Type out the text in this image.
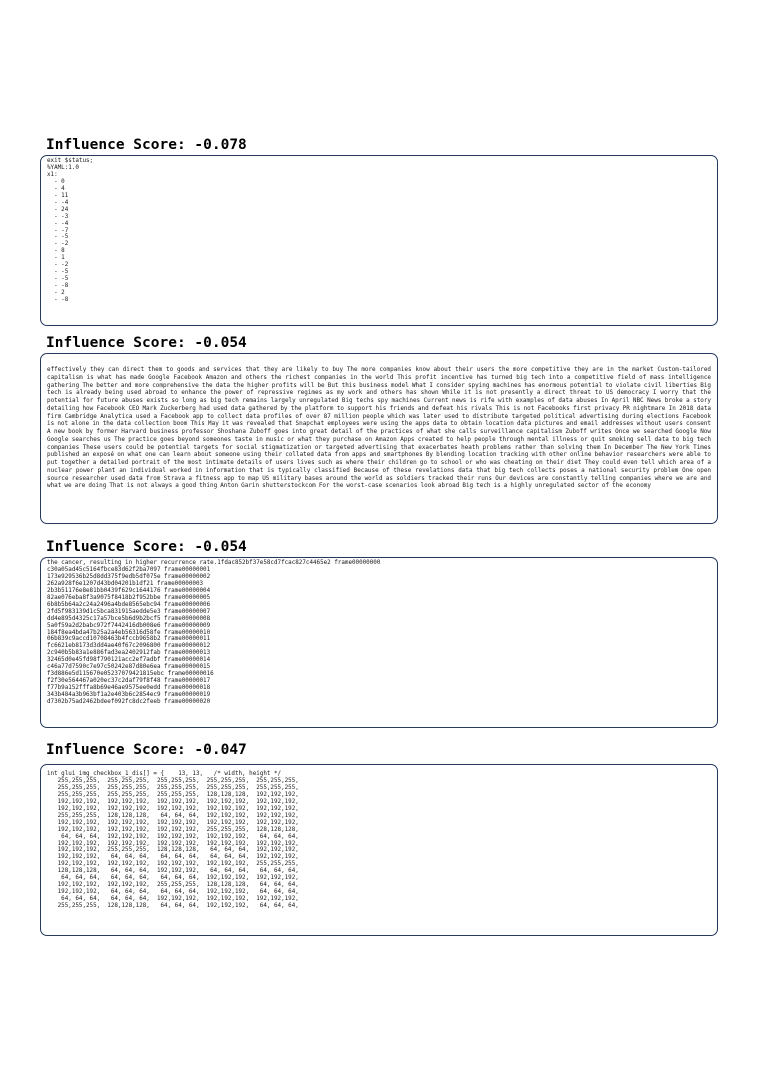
Influence Score: -0.078
exit $status;
%YAML:1.0
x1:
- 0
- 4
- 11
- -4
- 24
- -3
- -4
- -7
- -5
- -2
- 8
- 1
- -2
- -5
- -5
- -8
- 2
- -8
Influence Score: -0.054

effectively they can direct them to goods and services that they are likely to buy The more companies know about their users the more competitive they are in the market Custom-tailored capitalism is what has made Google Facebook Amazon and others the richest companies in the world This profit incentive has turned big tech into a competitive field of mass intelligence gathering The better and more comprehensive the data the higher profits will be But this business model What I consider spying machines has enormous potential to violate civil liberties Big tech is already being used abroad to enhance the power of repressive regimes as my work and others has shown While it is not presently a direct threat to US democracy I worry that the potential for future abuses exists so long as big tech remains largely unregulated Big techs spy machines Current news is rife with examples of data abuses In April NBC News broke a story detailing how Facebook CEO Mark Zuckerberg had used data gathered by the platform to support his friends and defeat his rivals This is not Facebooks first privacy PR nightmare In 2018 data firm Cambridge Analytica used a Facebook app to collect data profiles of over 87 million people which was later used to distribute targeted political advertising during elections Facebook is not alone in the data collection boom This May it was revealed that Snapchat employees were using the apps data to obtain location data pictures and email addresses without users consent A new book by former Harvard business professor Shoshana Zuboff goes into great detail of the practices of what she calls surveillance capitalism Zuboff writes Once we searched Google Now Google searches us The practice goes beyond someones taste in music or what they purchase on Amazon Apps created to help people through mental illness or quit smoking sell data to big tech companies These users could be potential targets for social stigmatization or targeted advertising that exacerbates heath problems rather than solving them In December The New York Times published an exposé on what one can learn about someone using their collated data from apps and smartphones By blending location tracking with other online behavior researchers were able to put together a detailed portrait of the most intimate details of users lives such as where their children go to school or who was cheating on their diet They could even tell which area of a nuclear power plant an individual worked in information that is typically classified Because of these revelations data that big tech collects poses a national security problem One open source researcher used data from Strava a fitness app to map US military bases around the world as soldiers tracked their runs Our devices are constantly telling companies where we are and what we are doing That is not always a good thing Anton Garin shutterstockcom For the worst-case scenarios look abroad Big tech is a highly unregulated sector of the economy

Influence Score: -0.054
the cancer, resulting in higher recurrence rate.1fdac852bf37e58cd7fcac827c4465e2 frame00000000
c30a05ad45c5164fbce83d62f2ba7097 frame00000001
173e929536b25d8dd375f9edb5df075e frame00000002
262a928f6e1207d43bd04201b1df21 frame00000003
2b3b51176e8e81bb0439f629c1644176 frame00000004
82ae076eba8f3a9075f8418b2f952bbe frame00000005
6b8b5b64a2c24a2496a4bde8565ebc94 frame00000006
2fd5f983139d1c5bca831915aedde5e3 frame00000007
dd4e895d4325c17a57bce5b6d9b2bcf5 frame00000008
5a0f59a2d2babc972f7442416db008e6 frame00000009
184f8ea4bda47b25a2a4eb56316d58fe frame00000010
06b839c9accd10708463b4fccb9658b2 frame00000011
fc6621eb8173d3dd4ae40f67c2096800 frame00000012
2c940b5b83a1e886fad3ea2402912fab frame00000013
32465d0e45fd98f790121acc2ef7adbf frame00000014
c46a77d7590c7e97c50242e87d80e6ea frame00000015
f3d886e5d115670e05237079421815ebc frame00000016
f2f30e564467a020ec37c2daf79f8f48 frame00000017
f77b9a152fffa8b69e46ae9575ee0edd frame00000018
343b484a3b963bf1a2e403b6c2854ec9 frame00000019
d7302b75ad2462bdeef092fc8dc2feeb frame00000020
Influence Score: -0.047
int glui_img_checkbox_1_dis[] = {    13, 13,   /* width, height */
255,255,255,  255,255,255,  255,255,255,  255,255,255,  255,255,255,
255,255,255,  255,255,255,  255,255,255,  255,255,255,  255,255,255,
255,255,255,  255,255,255,  255,255,255,  128,128,128,  192,192,192,
192,192,192,  192,192,192,  192,192,192,  192,192,192,  192,192,192,
192,192,192,  192,192,192,  192,192,192,  192,192,192,  192,192,192,
255,255,255,  128,128,128,   64, 64, 64,  192,192,192,  192,192,192,
192,192,192,  192,192,192,  192,192,192,  192,192,192,  192,192,192,
192,192,192,  192,192,192,  192,192,192,  255,255,255,  128,128,128,
64, 64, 64,  192,192,192,  192,192,192,  192,192,192,   64, 64, 64,
192,192,192,  192,192,192,  192,192,192,  192,192,192,  192,192,192,
192,192,192,  255,255,255,  128,128,128,   64, 64, 64,  192,192,192,
192,192,192,   64, 64, 64,   64, 64, 64,   64, 64, 64,  192,192,192,
192,192,192,  192,192,192,  192,192,192,  192,192,192,  255,255,255,
128,128,128,   64, 64, 64,  192,192,192,   64, 64, 64,   64, 64, 64,
64, 64, 64,   64, 64, 64,   64, 64, 64,  192,192,192,  192,192,192,
192,192,192,  192,192,192,  255,255,255,  128,128,128,   64, 64, 64,
192,192,192,   64, 64, 64,   64, 64, 64,  192,192,192,   64, 64, 64,
64, 64, 64,   64, 64, 64,  192,192,192,  192,192,192,  192,192,192,
255,255,255,  128,128,128,   64, 64, 64,  192,192,192,   64, 64, 64,
